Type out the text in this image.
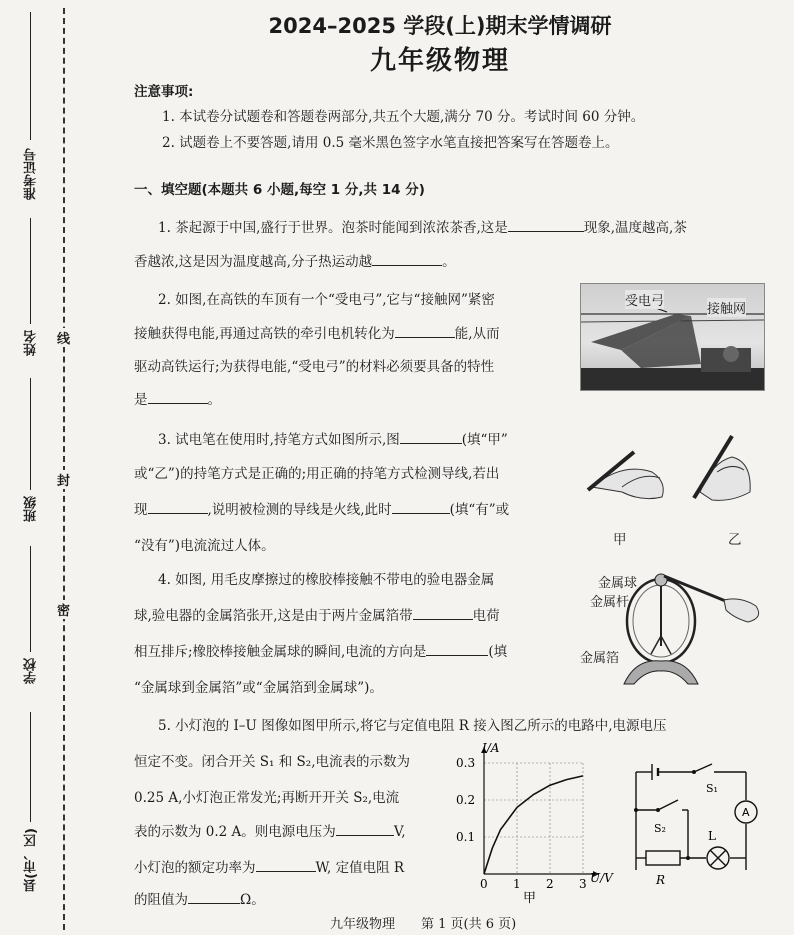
准考证号
姓名
班级
学校
县(市、区)
线
封
密
2024–2025 学段(上)期末学情调研
九年级物理
注意事项:
1. 本试卷分试题卷和答题卷两部分,共五个大题,满分 70 分。考试时间 60 分钟。
2. 试题卷上不要答题,请用 0.5 毫米黑色签字水笔直接把答案写在答题卷上。
一、填空题(本题共 6 小题,每空 1 分,共 14 分)
1. 茶起源于中国,盛行于世界。泡茶时能闻到浓浓茶香,这是	现象,温度越高,茶
香越浓,这是因为温度越高,分子热运动越	。
2. 如图,在高铁的车顶有一个“受电弓”,它与“接触网”紧密
接触获得电能,再通过高铁的牵引电机转化为	能,从而
驱动高铁运行;为获得电能,“受电弓”的材料必须要具备的特性
是	。
受电弓
接触网
3. 试电笔在使用时,持笔方式如图所示,图	(填“甲”
或“乙”)的持笔方式是正确的;用正确的持笔方式检测导线,若出
现	,说明被检测的导线是火线,此时	(填“有”或
“没有”)电流流过人体。	甲	乙
4. 如图, 用毛皮摩擦过的橡胶棒接触不带电的验电器金属
球,验电器的金属箔张开,这是由于两片金属箔带	电荷
相互排斥;橡胶棒接触金属球的瞬间,电流的方向是	(填
“金属球到金属箔”或“金属箔到金属球”)。
金属球
金属杆
金属箔
5. 小灯泡的 I–U 图像如图甲所示,将它与定值电阻 R 接入图乙所示的电路中,电源电压
恒定不变。闭合开关 S₁ 和 S₂,电流表的示数为
0.25 A,小灯泡正常发光;再断开开关 S₂,电流
表的示数为 0.2 A。则电源电压为	V,
小灯泡的额定功率为	W, 定值电阻 R
的阻值为	Ω。
0 1 2 3
0.1
0.2
0.3
I/A
U/V
甲
S₁
S₂
A
L
R
九年级物理　　第 1 页(共 6 页)
